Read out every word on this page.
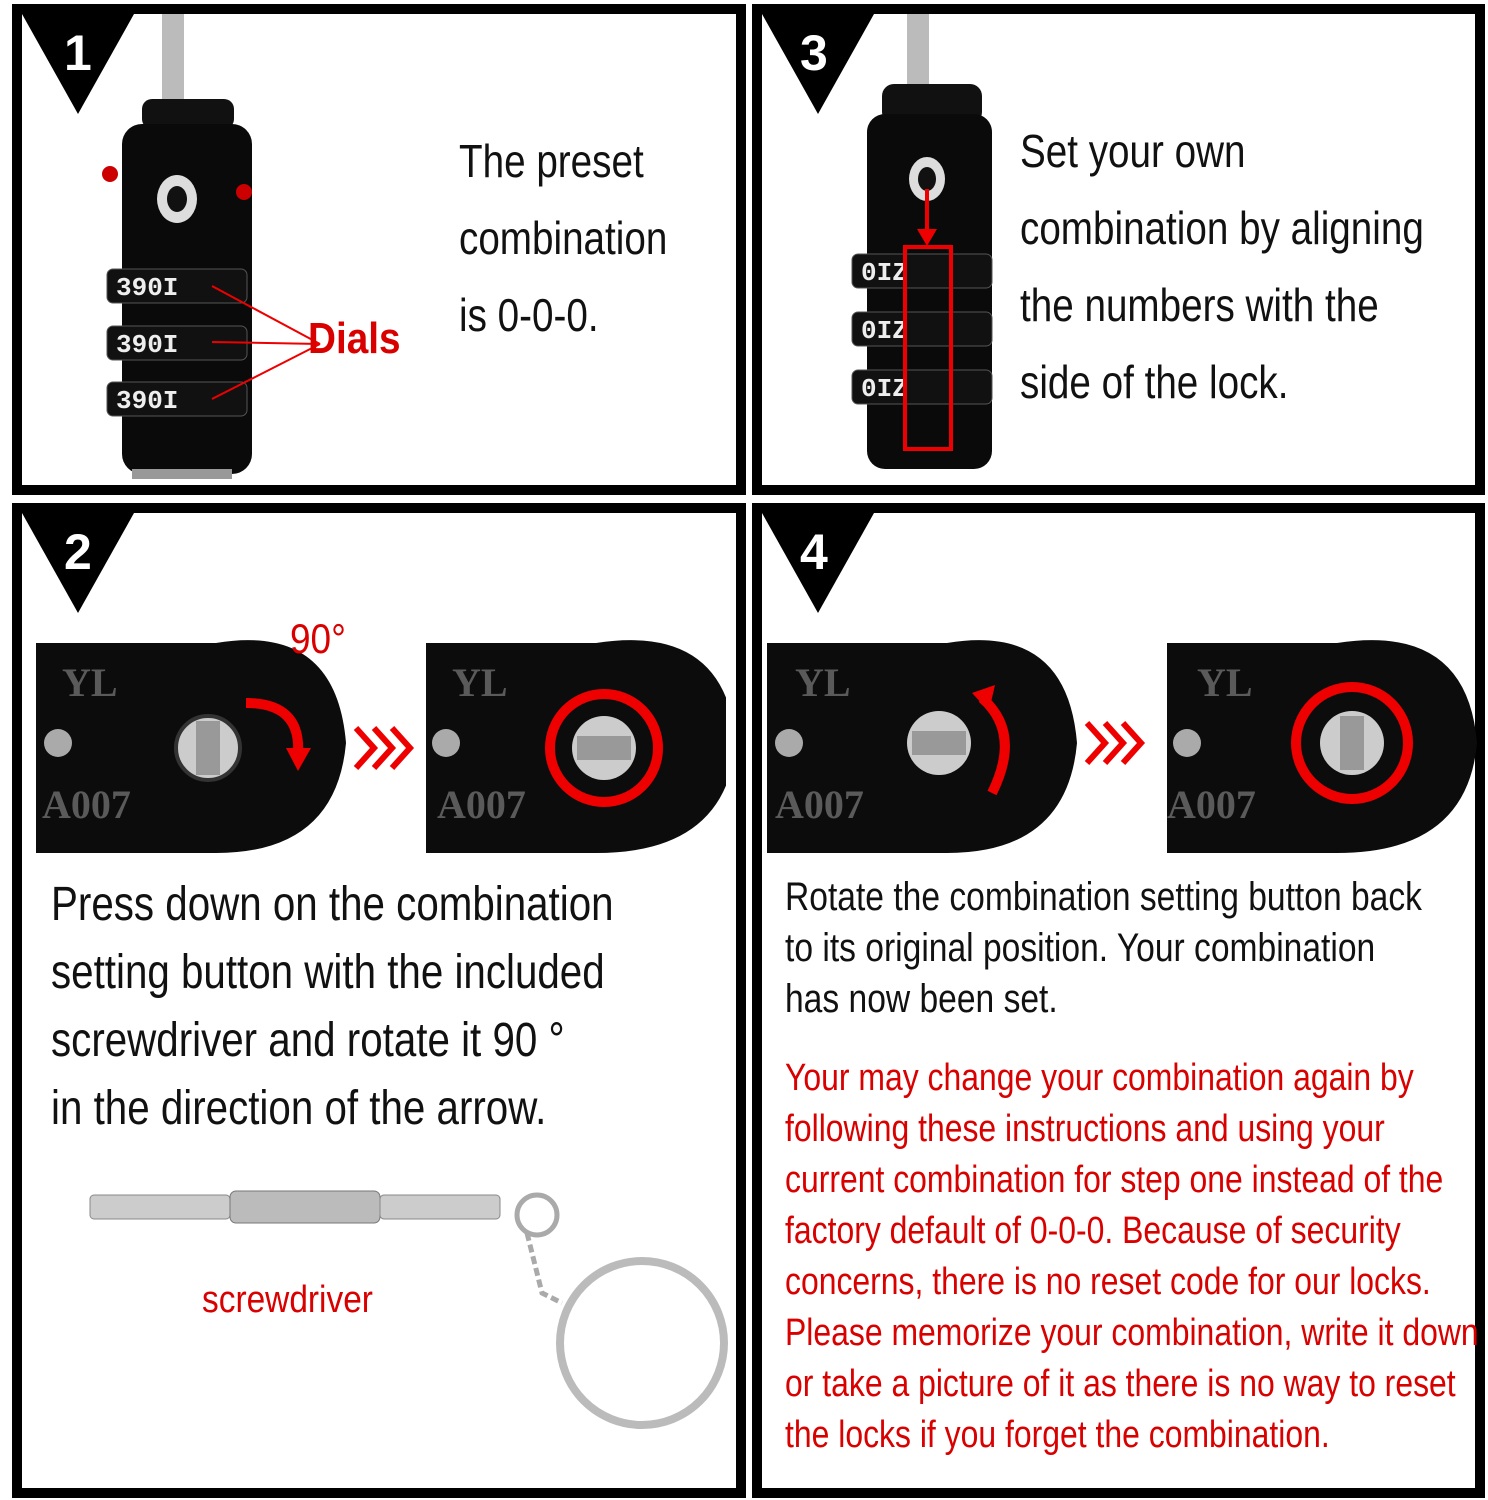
1
390I
390I
390I
Dials
The preset
combination
is 0-0-0.
3
0IZ
0IZ
0IZ
Set your own
combination by aligning
the numbers with the
side of the lock.
2
YL
A007
YL
A007
90°
Press down on the combination
setting button with the included
screwdriver and rotate it 90 °
in the direction of the arrow.
screwdriver
4
YL
A007
YL
A007
Rotate the combination setting button back
to its original position. Your combination
has now been set.
Your may change your combination again by
following these instructions and using your
current combination for step one instead of the
factory default of 0-0-0. Because of security
concerns, there is no reset code for our locks.
Please memorize your combination, write it down
or take a picture of it as there is no way to reset
the locks if you forget the combination.
